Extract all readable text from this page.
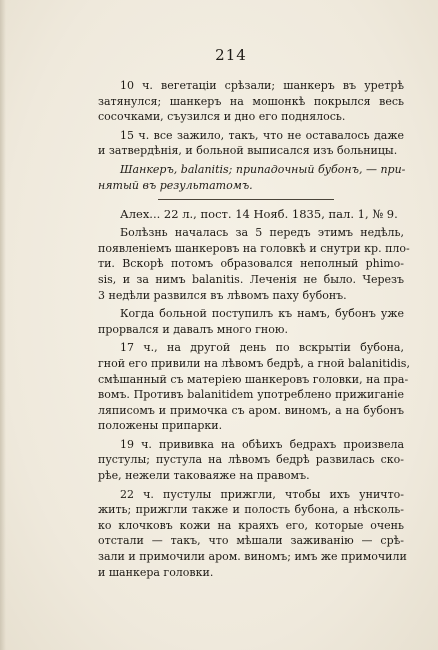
214
10 ч. вегетаціи срѣзали; шанкеръ въ урeтрѣ
затянулся; шанкеръ на мошонкѣ покрылся весь
сосочками, съузился и дно его поднялось.
15 ч. все зажило, такъ, что не оставалось даже
и затвердѣнія, и больной выписался изъ больницы.
Шанкеръ, balanitis; припадочный бубонъ, — при-
нятый въ результатомъ.
Алех... 22 л., пост. 14 Нояб. 1835, пал. 1, № 9.
Болѣзнь началась за 5 передъ этимъ недѣль,
появленіемъ шанкеровъ на головкѣ и снутри кр. пло-
ти. Вскорѣ потомъ образовался неполный phimo-
sis, и за нимъ balanitis. Леченія не было. Черезъ
3 недѣли развился въ лѣвомъ паху бубонъ.
Когда больной поступилъ къ намъ, бубонъ уже
прорвался и давалъ много гною.
17 ч., на другой день по вскрытіи бубона,
гной его привили на лѣвомъ бедрѣ, а гной balanitidis,
смѣшанный съ матеріею шанкеровъ головки, на пра-
вомъ. Противъ balanitidem употреблено прижиганіе
ляписомъ и примочка съ аром. виномъ, а на бубонъ
положены припарки.
19 ч. прививка на обѣихъ бедрахъ произвела
пустулы; пустула на лѣвомъ бедрѣ развилась ско-
рѣе, нежели таковаяже на правомъ.
22 ч. пустулы прижгли, чтобы ихъ уничто-
жить; прижгли также и полость бубона, а нѣсколь-
ко клочковъ кожи на краяхъ его, которые очень
отстали — такъ, что мѣшали заживанію — срѣ-
зали и примочили аром. виномъ; имъ же примочили
и шанкера головки.
